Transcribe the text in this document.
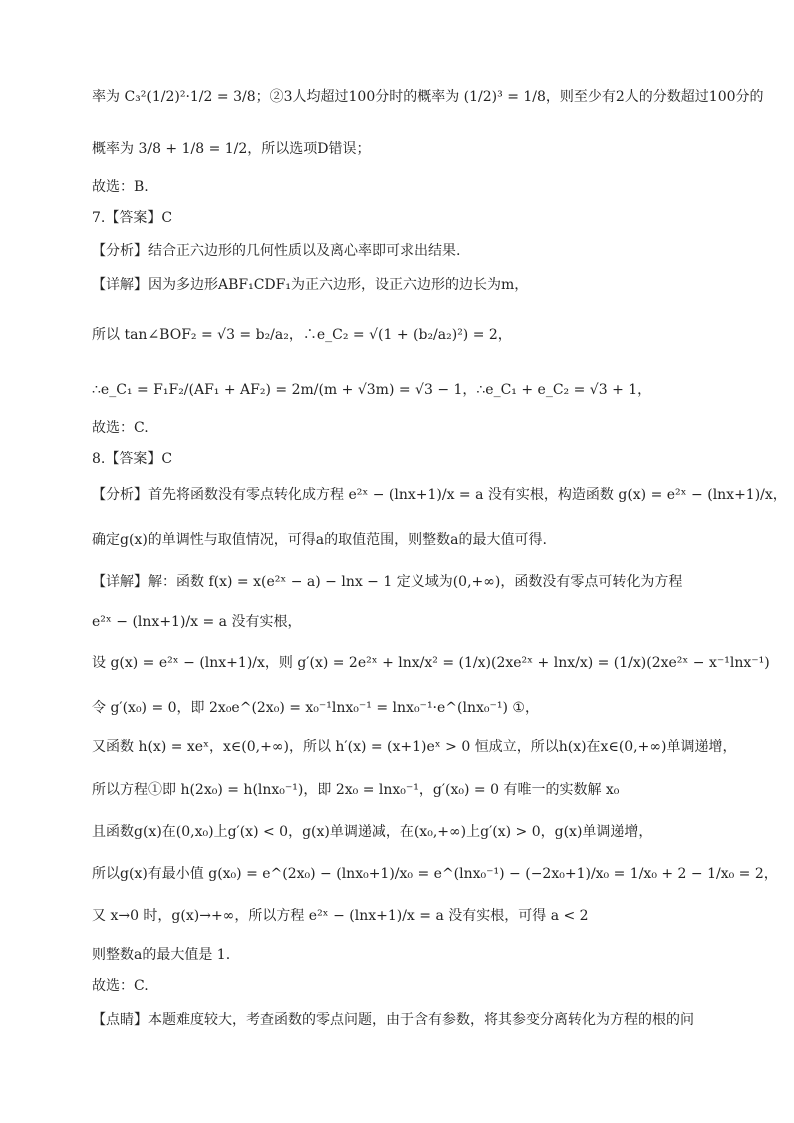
率为 C₃²(1/2)²·1/2 = 3/8；②3人均超过100分时的概率为 (1/2)³ = 1/8，则至少有2人的分数超过100分的
概率为 3/8 + 1/8 = 1/2，所以选项D错误；
故选：B.
7.【答案】C
【分析】结合正六边形的几何性质以及离心率即可求出结果.
【详解】因为多边形ABF₁CDF₁为正六边形，设正六边形的边长为m，
所以 tan∠BOF₂ = √3 = b₂/a₂，∴e_C₂ = √(1 + (b₂/a₂)²) = 2，
∴e_C₁ = F₁F₂/(AF₁ + AF₂) = 2m/(m + √3m) = √3 − 1，∴e_C₁ + e_C₂ = √3 + 1，
故选：C.
8.【答案】C
【分析】首先将函数没有零点转化成方程 e²ˣ − (lnx+1)/x = a 没有实根，构造函数 g(x) = e²ˣ − (lnx+1)/x，
确定g(x)的单调性与取值情况，可得a的取值范围，则整数a的最大值可得.
【详解】解：函数 f(x) = x(e²ˣ − a) − lnx − 1 定义域为(0,+∞)，函数没有零点可转化为方程
e²ˣ − (lnx+1)/x = a 没有实根，
设 g(x) = e²ˣ − (lnx+1)/x，则 g′(x) = 2e²ˣ + lnx/x² = (1/x)(2xe²ˣ + lnx/x) = (1/x)(2xe²ˣ − x⁻¹lnx⁻¹)
令 g′(x₀) = 0，即 2x₀e^(2x₀) = x₀⁻¹lnx₀⁻¹ = lnx₀⁻¹·e^(lnx₀⁻¹) ①，
又函数 h(x) = xeˣ，x∈(0,+∞)，所以 h′(x) = (x+1)eˣ > 0 恒成立，所以h(x)在x∈(0,+∞)单调递增，
所以方程①即 h(2x₀) = h(lnx₀⁻¹)，即 2x₀ = lnx₀⁻¹，g′(x₀) = 0 有唯一的实数解 x₀
且函数g(x)在(0,x₀)上g′(x) < 0，g(x)单调递减，在(x₀,+∞)上g′(x) > 0，g(x)单调递增，
所以g(x)有最小值 g(x₀) = e^(2x₀) − (lnx₀+1)/x₀ = e^(lnx₀⁻¹) − (−2x₀+1)/x₀ = 1/x₀ + 2 − 1/x₀ = 2，
又 x→0 时，g(x)→+∞，所以方程 e²ˣ − (lnx+1)/x = a 没有实根，可得 a < 2
则整数a的最大值是 1.
故选：C.
【点睛】本题难度较大，考查函数的零点问题，由于含有参数，将其参变分离转化为方程的根的问
